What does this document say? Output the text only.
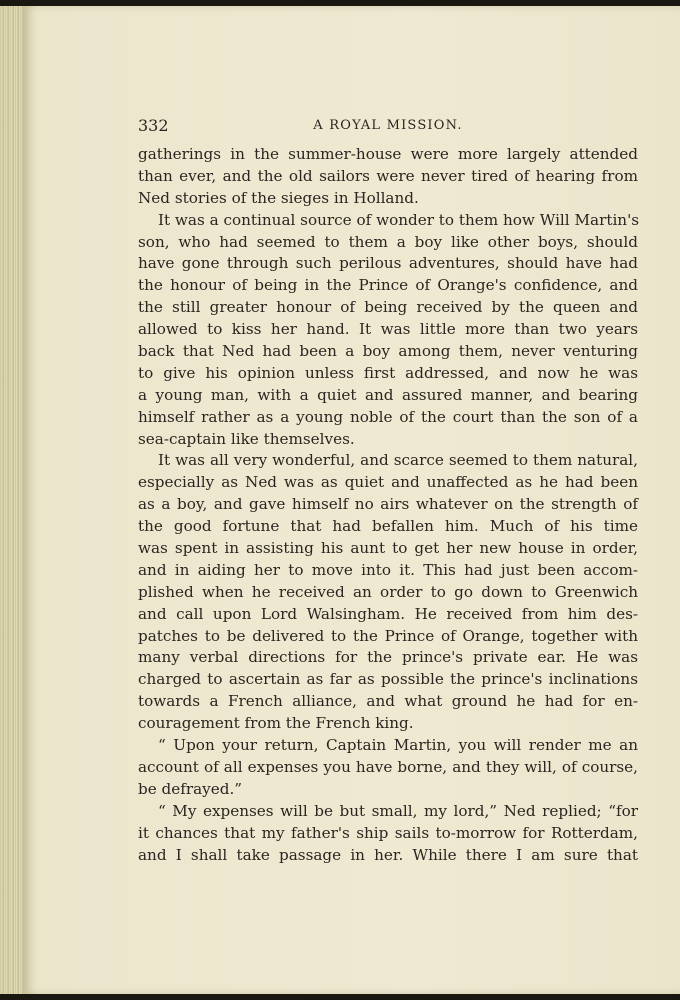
332	A ROYAL MISSION.
gatherings in the summer-house were more largely attended
than ever, and the old sailors were never tired of hearing from
Ned stories of the sieges in Holland.
It was a continual source of wonder to them how Will Martin's
son, who had seemed to them a boy like other boys, should
have gone through such perilous adventures, should have had
the honour of being in the Prince of Orange's confidence, and
the still greater honour of being received by the queen and
allowed to kiss her hand. It was little more than two years
back that Ned had been a boy among them, never venturing
to give his opinion unless first addressed, and now he was
a young man, with a quiet and assured manner, and bearing
himself rather as a young noble of the court than the son of a
sea-captain like themselves.
It was all very wonderful, and scarce seemed to them natural,
especially as Ned was as quiet and unaffected as he had been
as a boy, and gave himself no airs whatever on the strength of
the good fortune that had befallen him. Much of his time
was spent in assisting his aunt to get her new house in order,
and in aiding her to move into it. This had just been accom-
plished when he received an order to go down to Greenwich
and call upon Lord Walsingham. He received from him des-
patches to be delivered to the Prince of Orange, together with
many verbal directions for the prince's private ear. He was
charged to ascertain as far as possible the prince's inclinations
towards a French alliance, and what ground he had for en-
couragement from the French king.
“ Upon your return, Captain Martin, you will render me an
account of all expenses you have borne, and they will, of course,
be defrayed.”
“ My expenses will be but small, my lord,” Ned replied; “for
it chances that my father's ship sails to-morrow for Rotterdam,
and I shall take passage in her. While there I am sure that
